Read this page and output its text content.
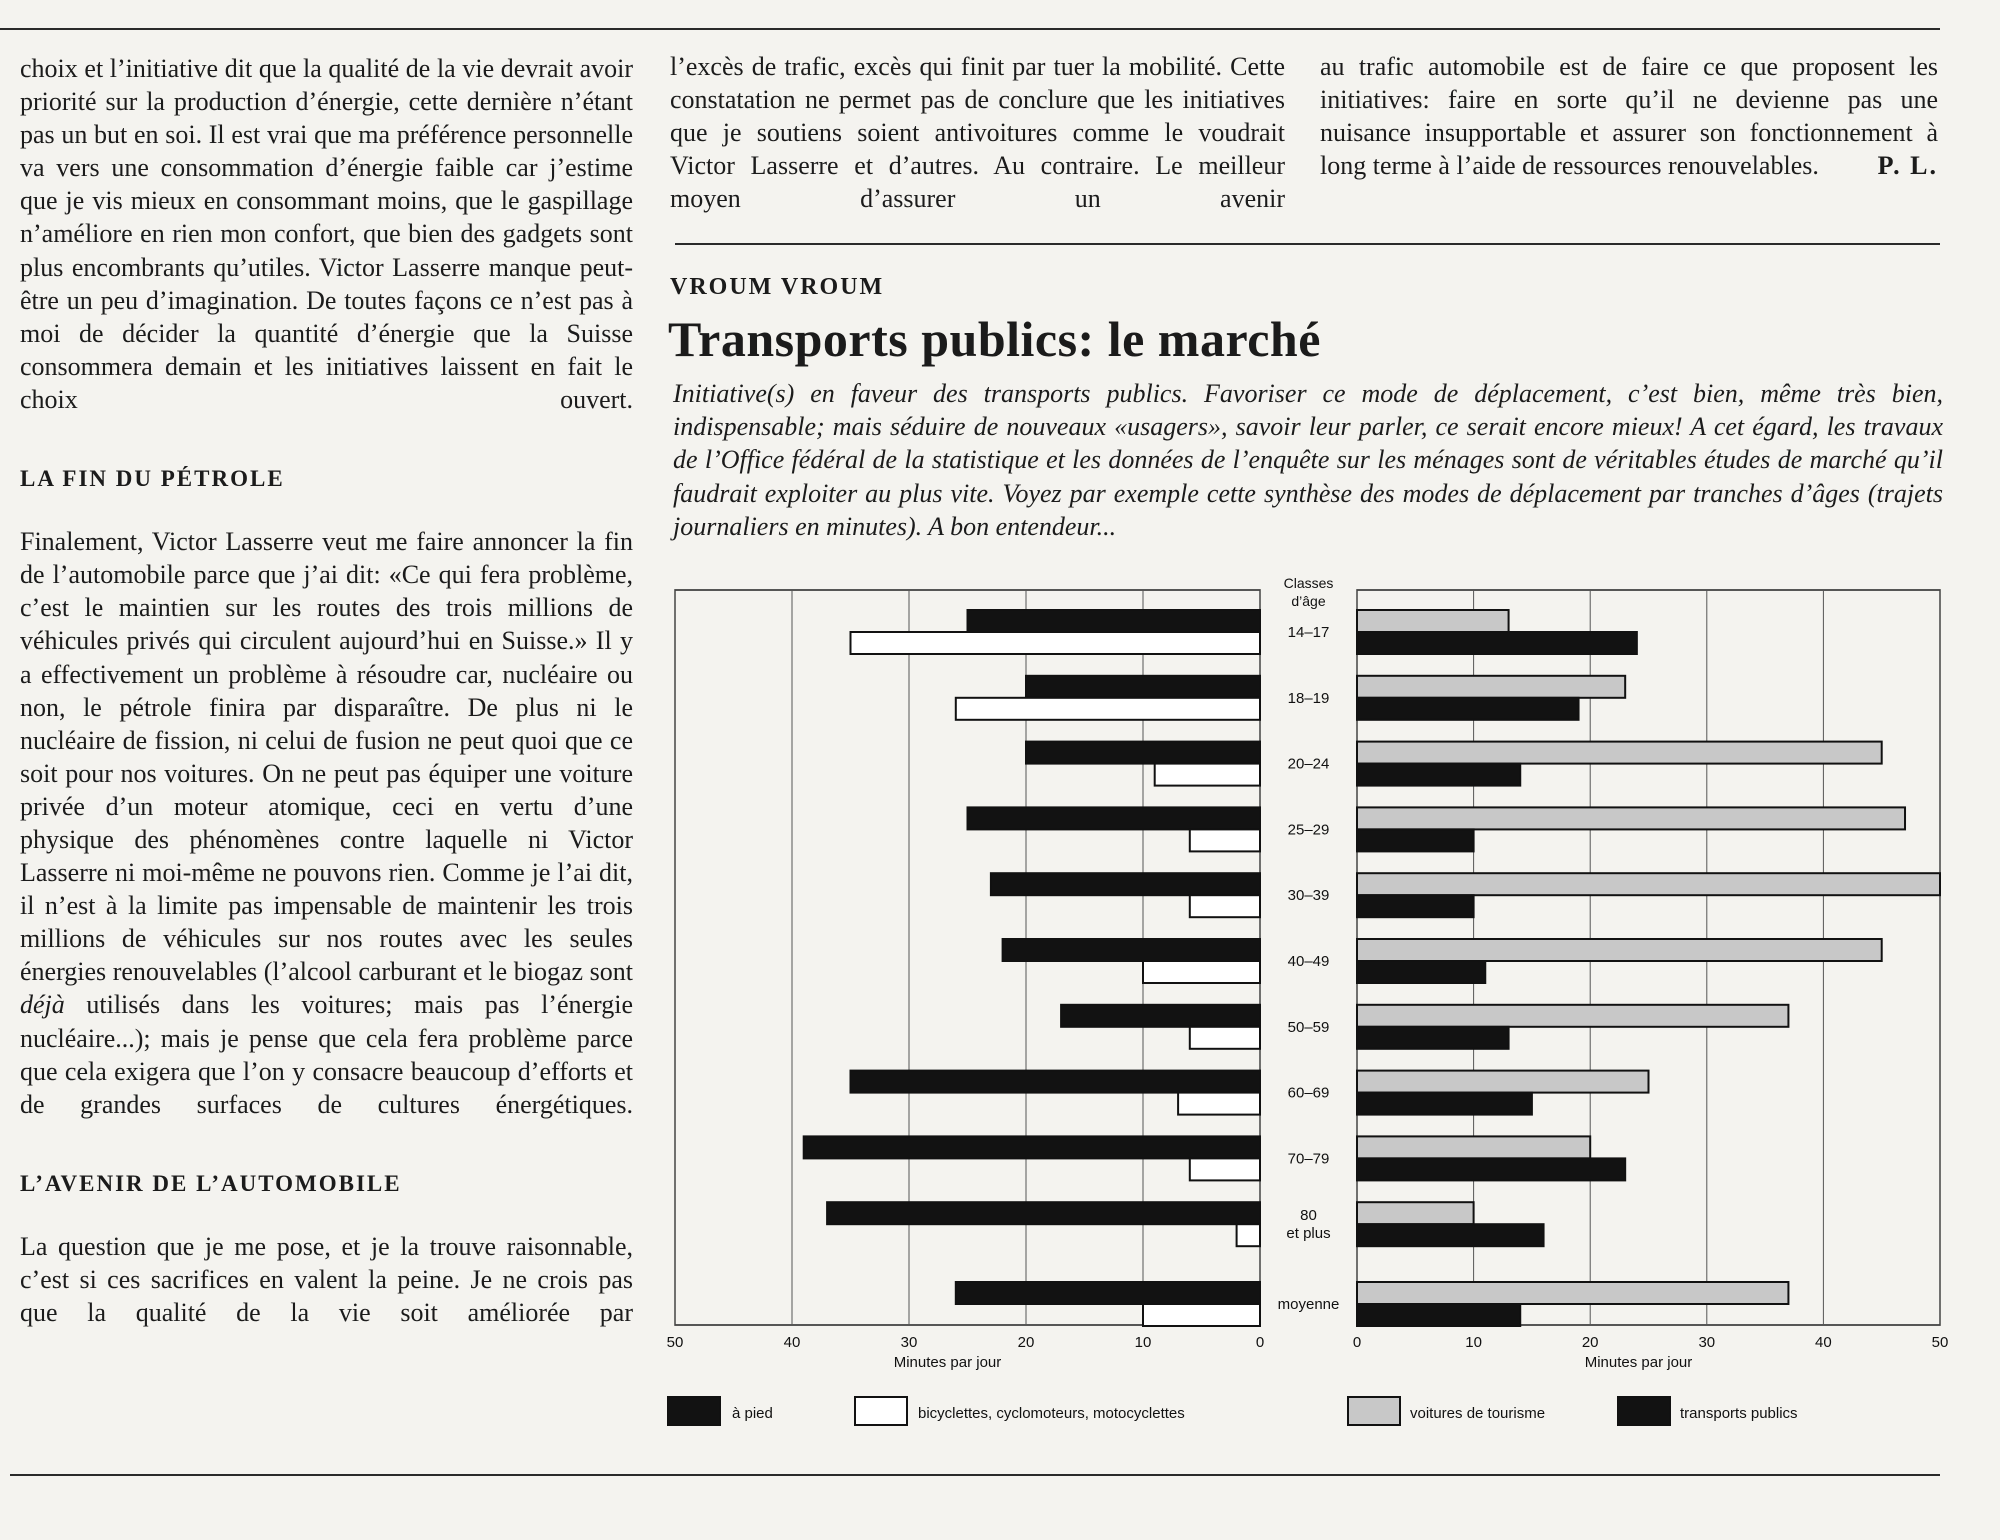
choix et l’initiative dit que la qualité de la vie devrait avoir priorité sur la production d’énergie, cette dernière n’étant pas un but en soi. Il est vrai que ma préférence personnelle va vers une consommation d’énergie faible car j’estime que je vis mieux en consommant moins, que le gaspillage n’améliore en rien mon confort, que bien des gadgets sont plus encombrants qu’utiles. Victor Lasserre manque peut-être un peu d’imagination. De toutes façons ce n’est pas à moi de décider la quantité d’énergie que la Suisse consommera demain et les initiatives laissent en fait le choix ouvert.

LA FIN DU PÉTROLE

Finalement, Victor Lasserre veut me faire annoncer la fin de l’automobile parce que j’ai dit: «Ce qui fera problème, c’est le maintien sur les routes des trois millions de véhicules privés qui circulent aujourd’hui en Suisse.» Il y a effectivement un problème à résoudre car, nucléaire ou non, le pétrole finira par disparaître. De plus ni le nucléaire de fission, ni celui de fusion ne peut quoi que ce soit pour nos voitures. On ne peut pas équiper une voiture privée d’un moteur atomique, ceci en vertu d’une physique des phénomènes contre laquelle ni Victor Lasserre ni moi-même ne pouvons rien. Comme je l’ai dit, il n’est à la limite pas impensable de maintenir les trois millions de véhicules sur nos routes avec les seules énergies renouvelables (l’alcool carburant et le biogaz sont déjà utilisés dans les voitures; mais pas l’énergie nucléaire...); mais je pense que cela fera problème parce que cela exigera que l’on y consacre beaucoup d’efforts et de grandes surfaces de cultures énergétiques.

L’AVENIR DE L’AUTOMOBILE

La question que je me pose, et je la trouve raisonnable, c’est si ces sacrifices en valent la peine. Je ne crois pas que la qualité de la vie soit améliorée par

l’excès de trafic, excès qui finit par tuer la mobilité. Cette constatation ne permet pas de conclure que les initiatives que je soutiens soient antivoitures comme le voudrait Victor Lasserre et d’autres. Au contraire. Le meilleur moyen d’assurer un avenir

au trafic automobile est de faire ce que proposent les initiatives: faire en sorte qu’il ne devienne pas une nuisance insupportable et assurer son fonctionnement à long terme à l’aide de ressources renouvelables. P. L.

VROUM VROUM
Transports publics: le marché
Initiative(s) en faveur des transports publics. Favoriser ce mode de déplacement, c’est bien, même très bien, indispensable; mais séduire de nouveaux «usagers», savoir leur parler, ce serait encore mieux! A cet égard, les travaux de l’Office fédéral de la statistique et les données de l’enquête sur les ménages sont de véritables études de marché qu’il faudrait exploiter au plus vite. Voyez par exemple cette synthèse des modes de déplacement par tranches d’âges (trajets journaliers en minutes). A bon entendeur...
50	40	30	20	10	0	0	10	20	30	40	50
Minutes par jour	Minutes par jour
Classes
d’âge
14–17
18–19
20–24
25–29
30–39
40–49
50–59
60–69
70–79
80
et plus
moyenne
à pied	bicyclettes, cyclomoteurs, motocyclettes	voitures de tourisme	transports publics
